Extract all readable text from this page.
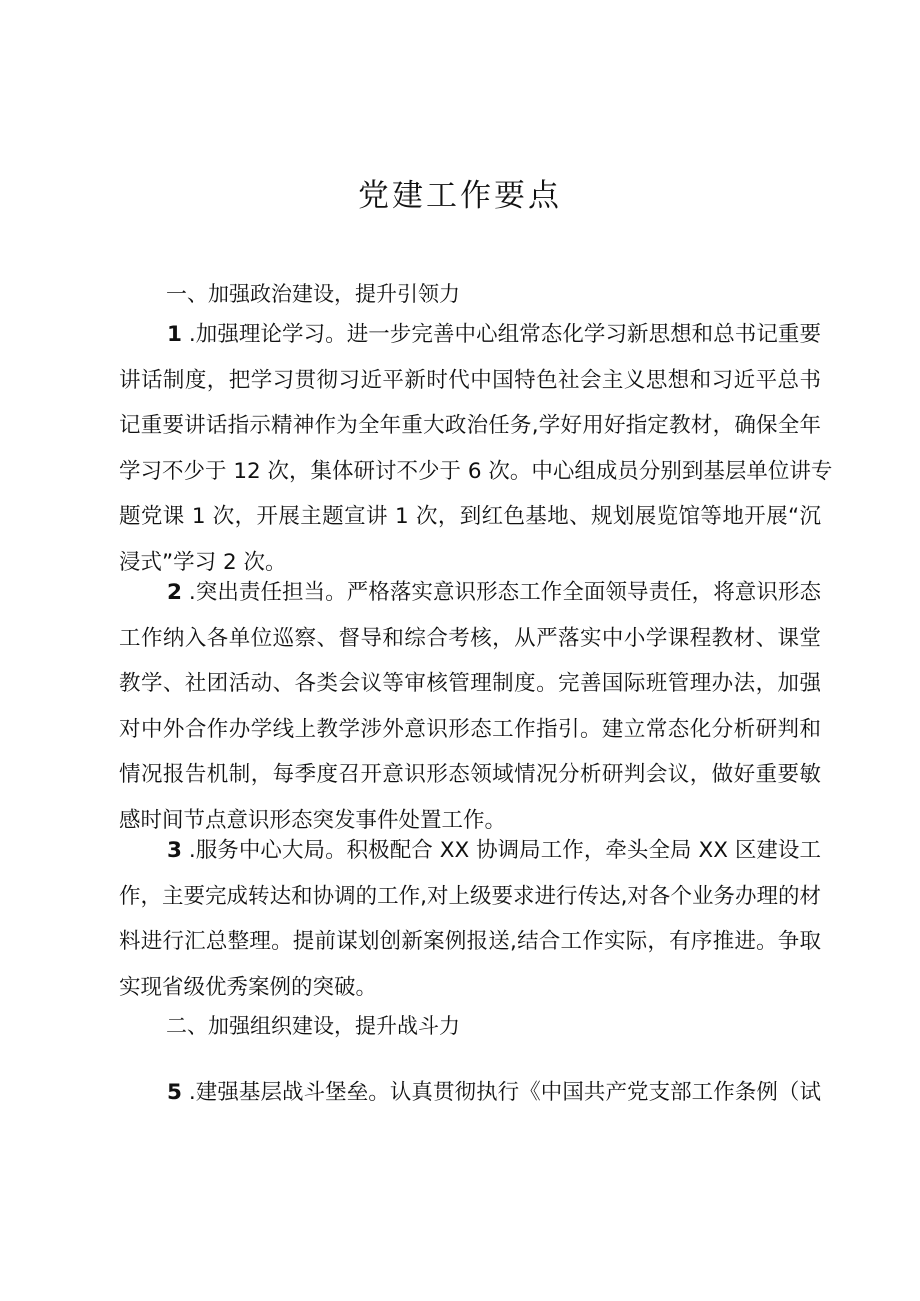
党建工作要点

一、加强政治建设，提升引领力

1 .加强理论学习。进一步完善中心组常态化学习新思想和总书记重要
讲话制度，把学习贯彻习近平新时代中国特色社会主义思想和习近平总书
记重要讲话指示精神作为全年重大政治任务,学好用好指定教材，确保全年
学习不少于 12 次，集体研讨不少于 6 次。中心组成员分别到基层单位讲专
题党课 1 次，开展主题宣讲 1 次，到红色基地、规划展览馆等地开展“沉
浸式”学习 2 次。
2 .突出责任担当。严格落实意识形态工作全面领导责任，将意识形态
工作纳入各单位巡察、督导和综合考核，从严落实中小学课程教材、课堂
教学、社团活动、各类会议等审核管理制度。完善国际班管理办法，加强
对中外合作办学线上教学涉外意识形态工作指引。建立常态化分析研判和
情况报告机制，每季度召开意识形态领域情况分析研判会议，做好重要敏
感时间节点意识形态突发事件处置工作。
3 .服务中心大局。积极配合 XX 协调局工作，牵头全局 XX 区建设工
作，主要完成转达和协调的工作,对上级要求进行传达,对各个业务办理的材
料进行汇总整理。提前谋划创新案例报送,结合工作实际，有序推进。争取
实现省级优秀案例的突破。

二、加强组织建设，提升战斗力

5 .建强基层战斗堡垒。认真贯彻执行《中国共产党支部工作条例（试
